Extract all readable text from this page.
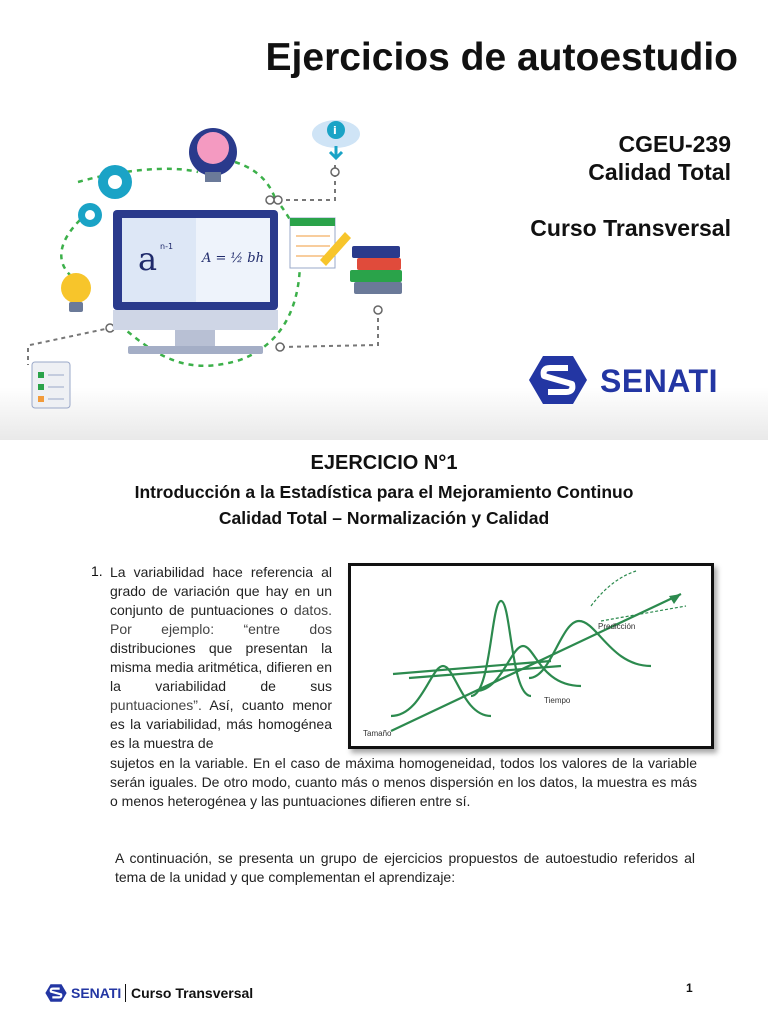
Ejercicios de autoestudio
CGEU-239
Calidad Total
Curso Transversal
a n-1
A = ½ bh
i
SENATI
EJERCICIO N°1
Introducción a la Estadística para el Mejoramiento Continuo
Calidad Total – Normalización y Calidad
1. La variabilidad hace referencia al grado de variación que hay en un conjunto de puntuaciones o datos. Por ejemplo: “entre dos distribuciones que presentan la misma media aritmética, difieren en la variabilidad de sus puntuaciones”. Así, cuanto menor es la variabilidad, más homogénea es la muestra de
sujetos en la variable. En el caso de máxima homogeneidad, todos los valores de la variable serán iguales. De otro modo, cuanto más o menos dispersión en los datos, la muestra es más o menos heterogénea y las puntuaciones difieren entre sí.
Predicción
Tiempo
Tamaño
A continuación, se presenta un grupo de ejercicios propuestos de autoestudio referidos al tema de la unidad y que complementan el aprendizaje:
SENATI Curso Transversal	1
